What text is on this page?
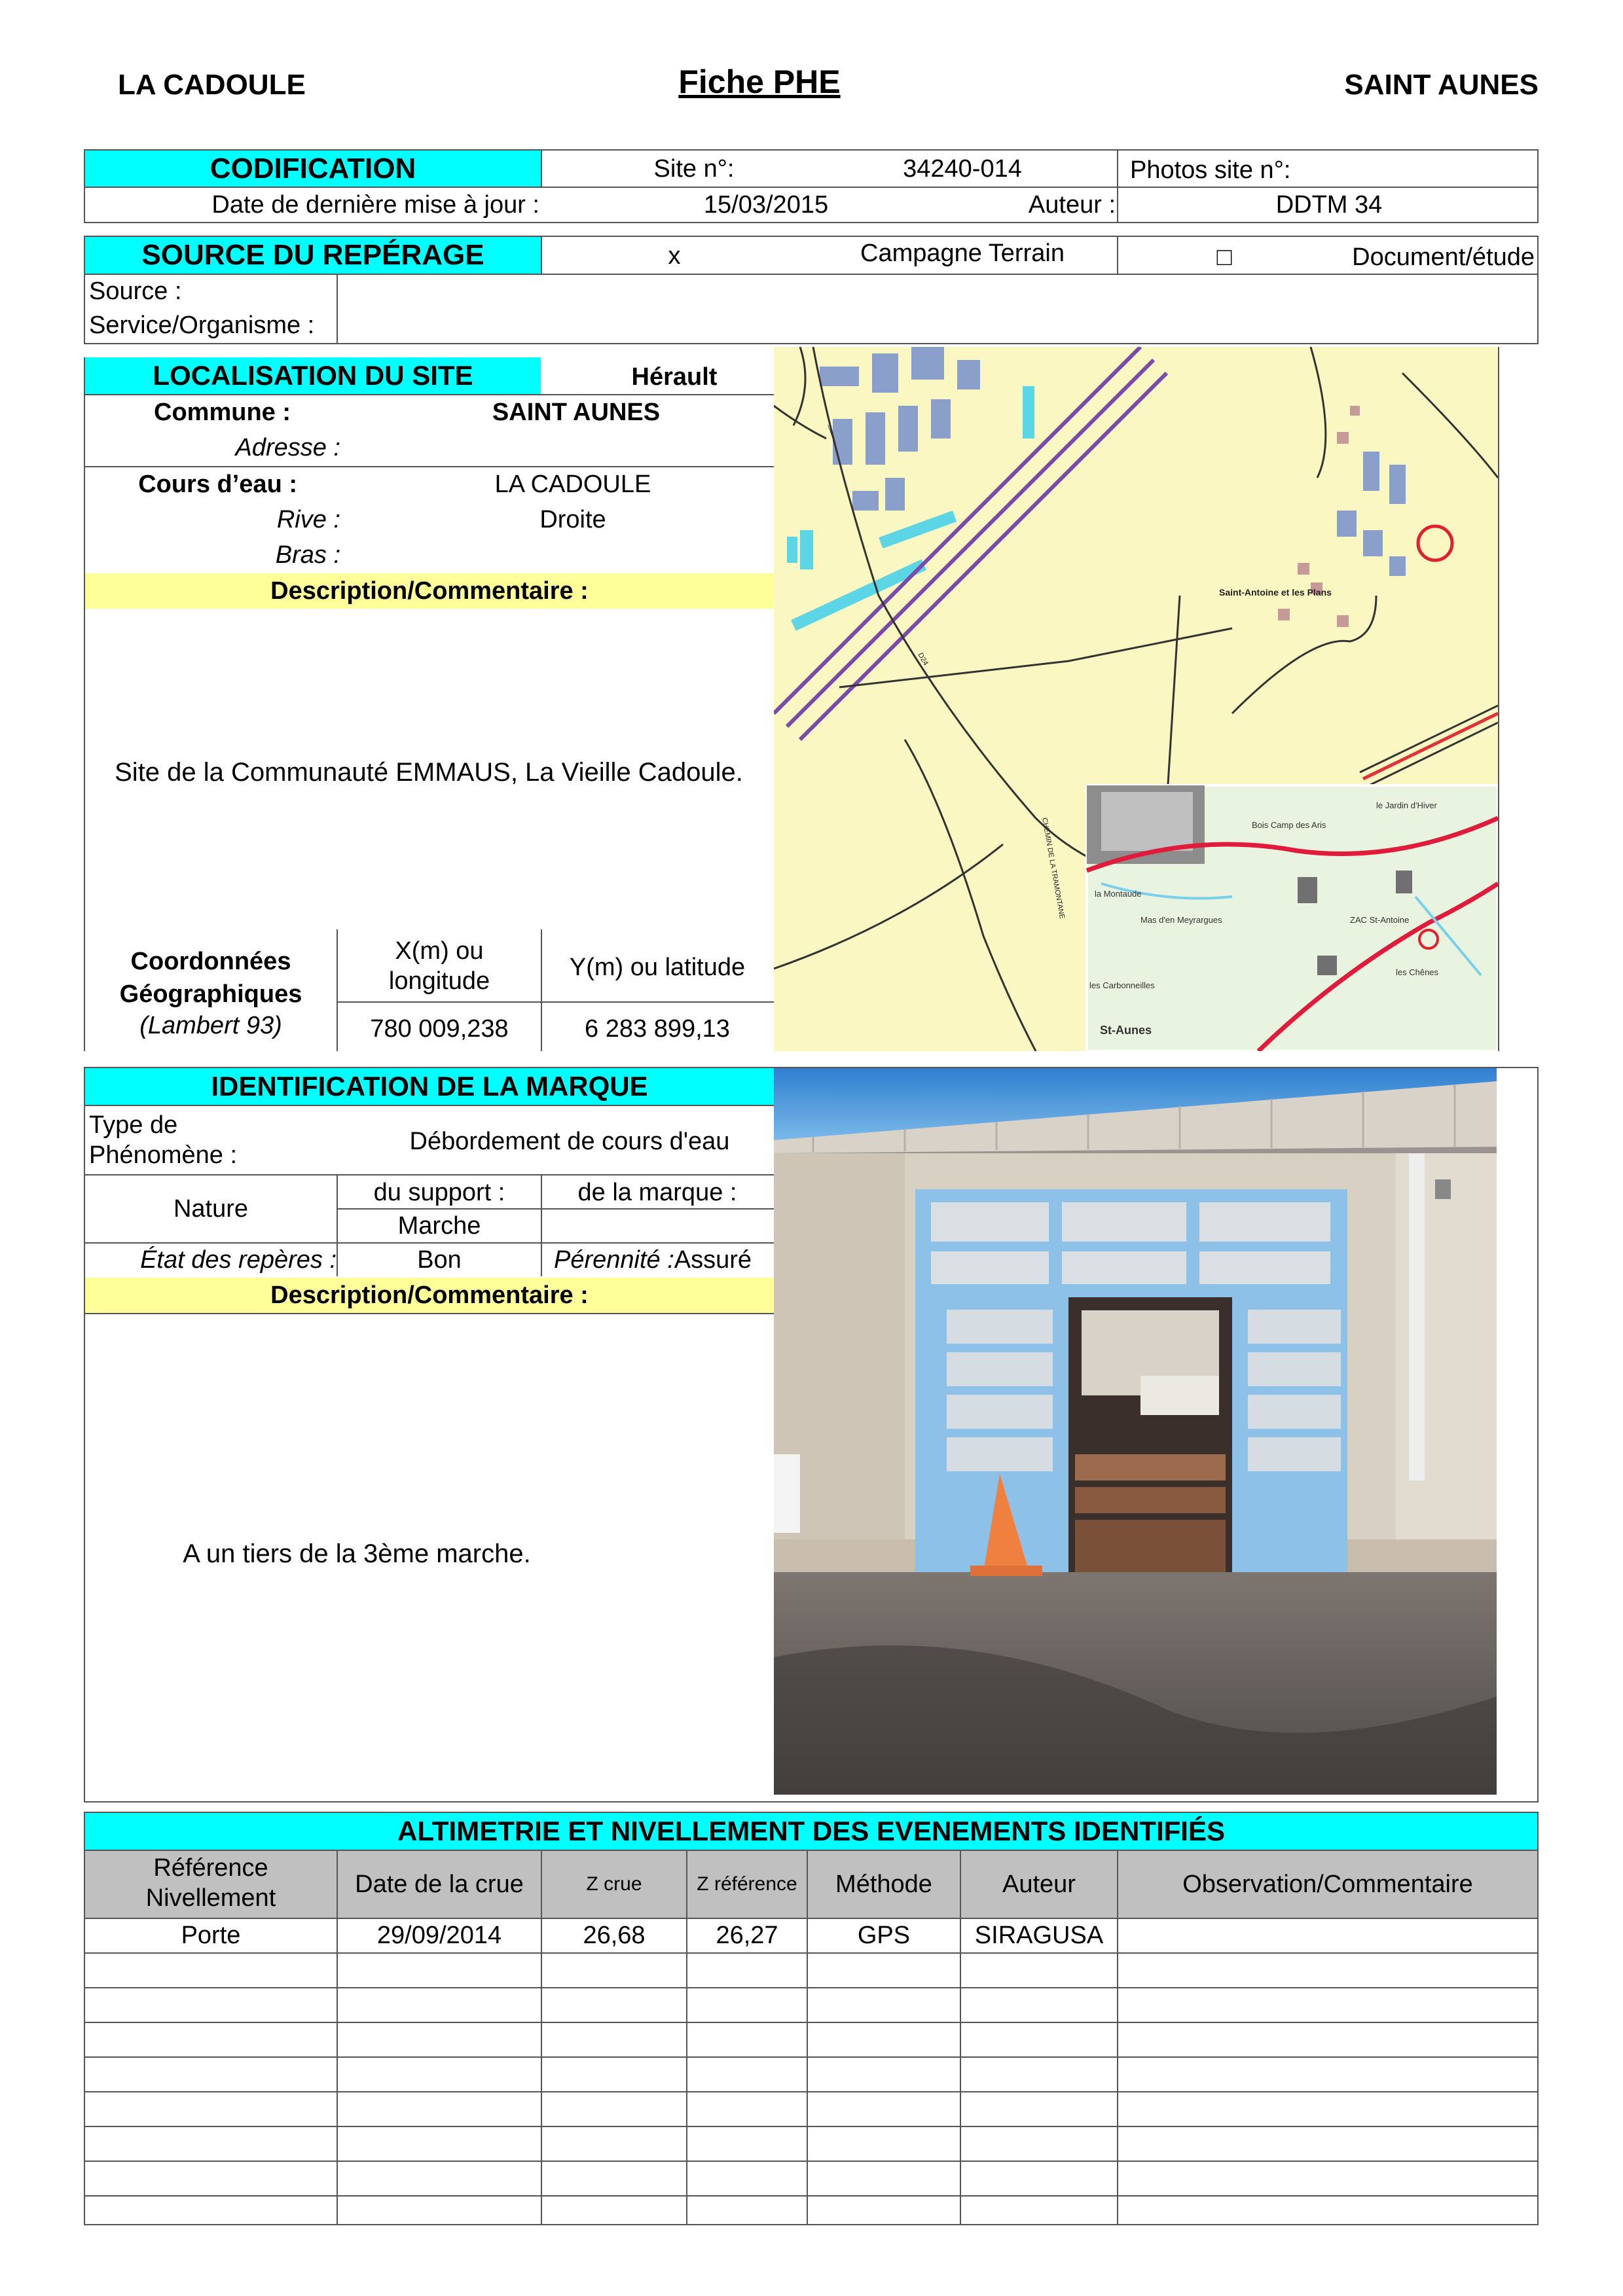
LA CADOULE	Fiche PHE	SAINT AUNES
CODIFICATION	Site n°:	34240-014	Photos site n°:
Date de dernière mise à jour :	15/03/2015	Auteur :	DDTM 34
SOURCE DU REPÉRAGE	x	Campagne Terrain	□	Document/étude
Source :
Service/Organisme :
LOCALISATION DU SITE	Hérault
Commune :	SAINT AUNES
Adresse :
Cours d’eau :	LA CADOULE
Rive :	Droite
Bras :
Description/Commentaire :
Site de la Communauté EMMAUS, La Vieille Cadoule.
Coordonnées
Géographiques
(Lambert 93)
X(m) ou
longitude	Y(m) ou latitude
780 009,238	6 283 899,13
Saint-Antoine et les Plans
D24
CHEMIN DE LA TRAMONTANE
———
St-Aunes
ZAC St-Antoine
le Jardin d'Hiver
Bois Camp des Aris
la Montaude
Mas d'en Meyrargues
les Chênes
les Carbonneilles
IDENTIFICATION DE LA MARQUE
Type de
Phénomène :	Débordement de cours d'eau
Nature
du support :	de la marque :
Marche
État des repères :	Bon	Pérennité : Assuré
Description/Commentaire :
A un tiers de la 3ème marche.
ALTIMETRIE ET NIVELLEMENT DES EVENEMENTS IDENTIFIÉS
Référence
Nivellement	Date de la crue	Z crue	Z référence	Méthode	Auteur	Observation/Commentaire
Porte	29/09/2014	26,68	26,27	GPS	SIRAGUSA
